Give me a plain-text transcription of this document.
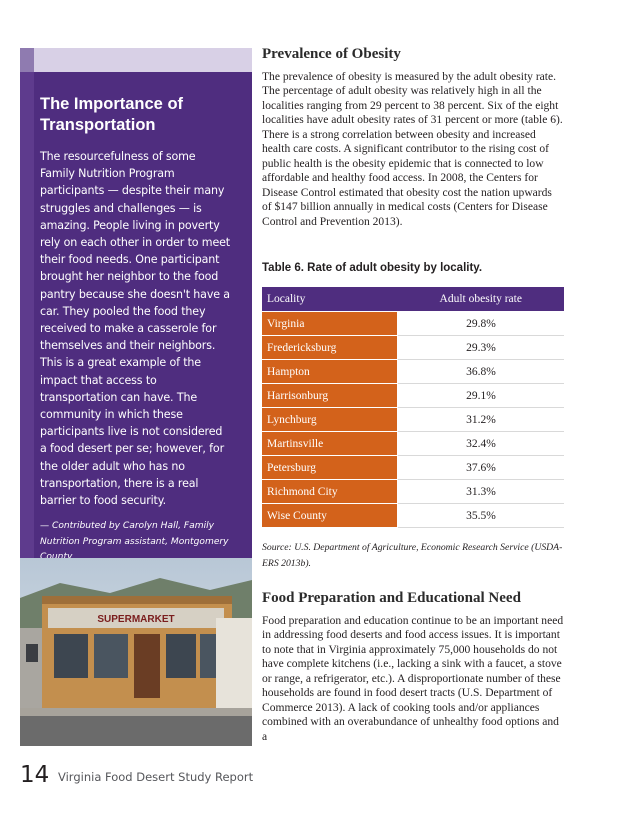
The Importance of Transportation

The resourcefulness of some Family Nutrition Program participants — despite their many struggles and challenges — is amazing. People living in poverty rely on each other in order to meet their food needs. One participant brought her neighbor to the food pantry because she doesn't have a car. They pooled the food they received to make a casserole for themselves and their neighbors. This is a great example of the impact that access to transportation can have. The community in which these participants live is not considered a food desert per se; however, for the older adult who has no transportation, there is a real barrier to food security.

— Contributed by Carolyn Hall, Family Nutrition Program assistant, Montgomery
SUPERMARKET
14 Virginia Food Desert Study Report
Prevalence of Obesity

The prevalence of obesity is measured by the adult obesity rate. The percentage of adult obesity was relatively high in all the localities ranging from 29 percent to 38 percent. Six of the eight localities have adult obesity rates of 31 percent or more (table 6). There is a strong correlation between obesity and increased health care costs. A significant contributor to the rising cost of public health is the obesity epidemic that is connected to low affordable and healthy food access. In 2008, the Centers for Disease Control estimated that obesity cost the nation upwards of $147 billion annually in medical costs (Centers for Disease Control and Prevention 2013).

Table 6. Rate of adult obesity by locality.

Locality	Adult obesity rate
Virginia	29.8%
Fredericksburg	29.3%
Hampton	36.8%
Harrisonburg	29.1%
Lynchburg	31.2%
Martinsville	32.4%
Petersburg	37.6%
Richmond City	31.3%
Wise County	35.5%

Source: U.S. Department of Agriculture, Economic Research Service (USDA-ERS 2013b).

Food Preparation and Educational Need

Food preparation and education continue to be an important need in addressing food deserts and food access issues. It is important to note that in Virginia approximately 75,000 households do not have complete kitchens (i.e., lacking a sink with a faucet, a stove or range, a refrigerator, etc.). A disproportionate number of these households are found in food desert tracts (U.S. Department of Commerce 2013). A lack of cooking tools and/or appliances combined with an overabundance of unhealthy food options and a
